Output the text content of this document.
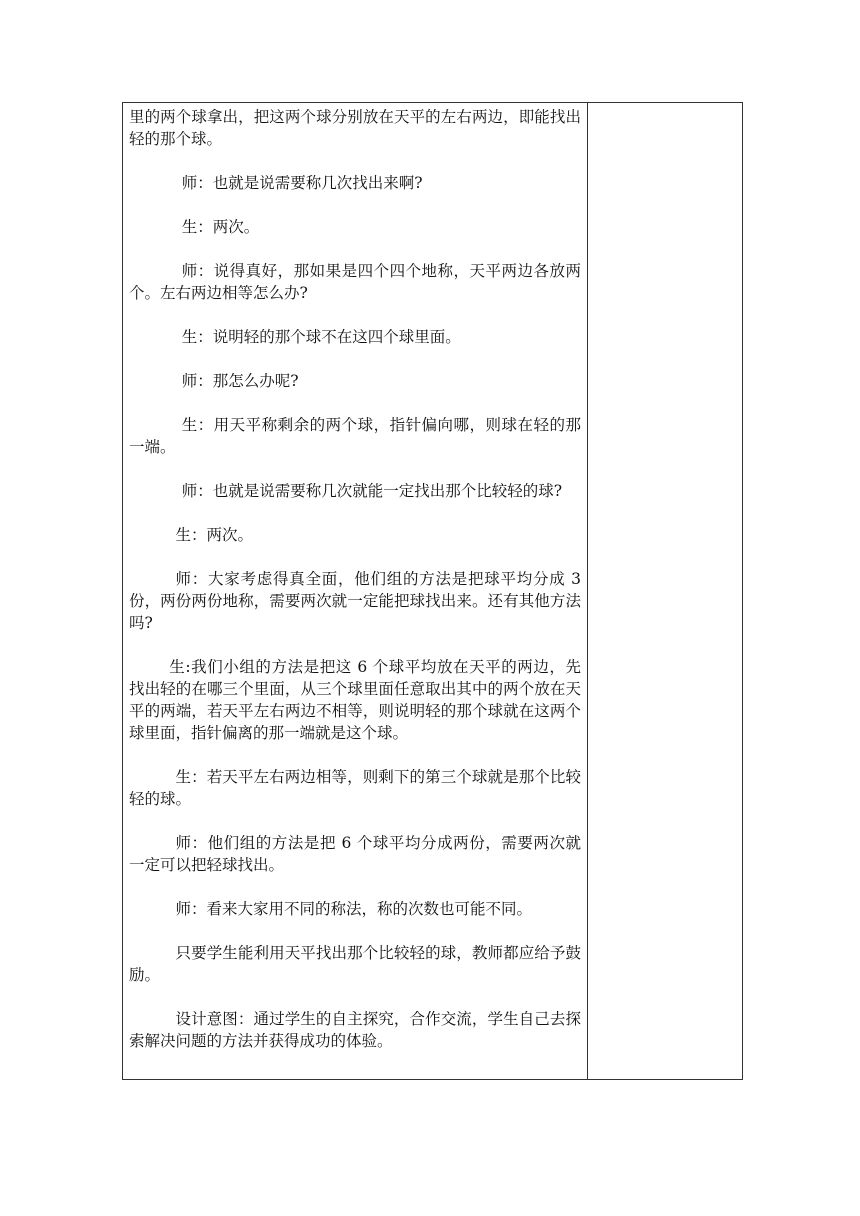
里的两个球拿出，把这两个球分别放在天平的左右两边，即能找出轻的那个球。

师：也就是说需要称几次找出来啊?

生：两次。

师：说得真好，那如果是四个四个地称，天平两边各放两个。左右两边相等怎么办?

生：说明轻的那个球不在这四个球里面。

师：那怎么办呢?

生：用天平称剩余的两个球，指针偏向哪，则球在轻的那一端。

师：也就是说需要称几次就能一定找出那个比较轻的球?

生：两次。

师：大家考虑得真全面，他们组的方法是把球平均分成 3 份，两份两份地称，需要两次就一定能把球找出来。还有其他方法吗?

生:我们小组的方法是把这 6 个球平均放在天平的两边，先找出轻的在哪三个里面，从三个球里面任意取出其中的两个放在天平的两端，若天平左右两边不相等，则说明轻的那个球就在这两个球里面，指针偏离的那一端就是这个球。

生：若天平左右两边相等，则剩下的第三个球就是那个比较轻的球。

师：他们组的方法是把 6 个球平均分成两份，需要两次就一定可以把轻球找出。

师：看来大家用不同的称法，称的次数也可能不同。

只要学生能利用天平找出那个比较轻的球，教师都应给予鼓励。

设计意图：通过学生的自主探究，合作交流，学生自己去探索解决问题的方法并获得成功的体验。
